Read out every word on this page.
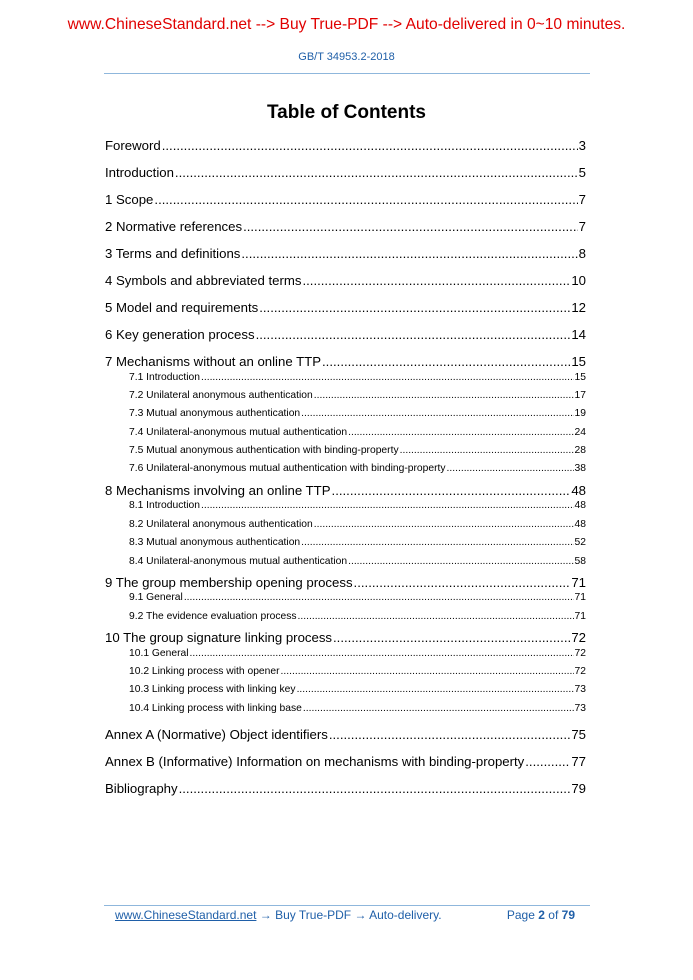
www.ChineseStandard.net --> Buy True-PDF --> Auto-delivered in 0~10 minutes.
GB/T 34953.2-2018
Table of Contents
Foreword .....	3
Introduction .....	5
1 Scope .....	7
2 Normative references .....	7
3 Terms and definitions .....	8
4 Symbols and abbreviated terms .....	10
5 Model and requirements .....	12
6 Key generation process .....	14
7 Mechanisms without an online TTP .....	15
7.1 Introduction .....	15
7.2 Unilateral anonymous authentication .....	17
7.3 Mutual anonymous authentication .....	19
7.4 Unilateral-anonymous mutual authentication .....	24
7.5 Mutual anonymous authentication with binding-property .....	28
7.6 Unilateral-anonymous mutual authentication with binding-property .....	38
8 Mechanisms involving an online TTP .....	48
8.1 Introduction .....	48
8.2 Unilateral anonymous authentication .....	48
8.3 Mutual anonymous authentication .....	52
8.4 Unilateral-anonymous mutual authentication .....	58
9 The group membership opening process .....	71
9.1 General .....	71
9.2 The evidence evaluation process .....	71
10 The group signature linking process .....	72
10.1 General .....	72
10.2 Linking process with opener .....	72
10.3 Linking process with linking key .....	73
10.4 Linking process with linking base .....	73
Annex A (Normative) Object identifiers .....	75
Annex B (Informative) Information on mechanisms with binding-property .....	77
Bibliography .....	79
www.ChineseStandard.net → Buy True-PDF → Auto-delivery.	Page 2 of 79
